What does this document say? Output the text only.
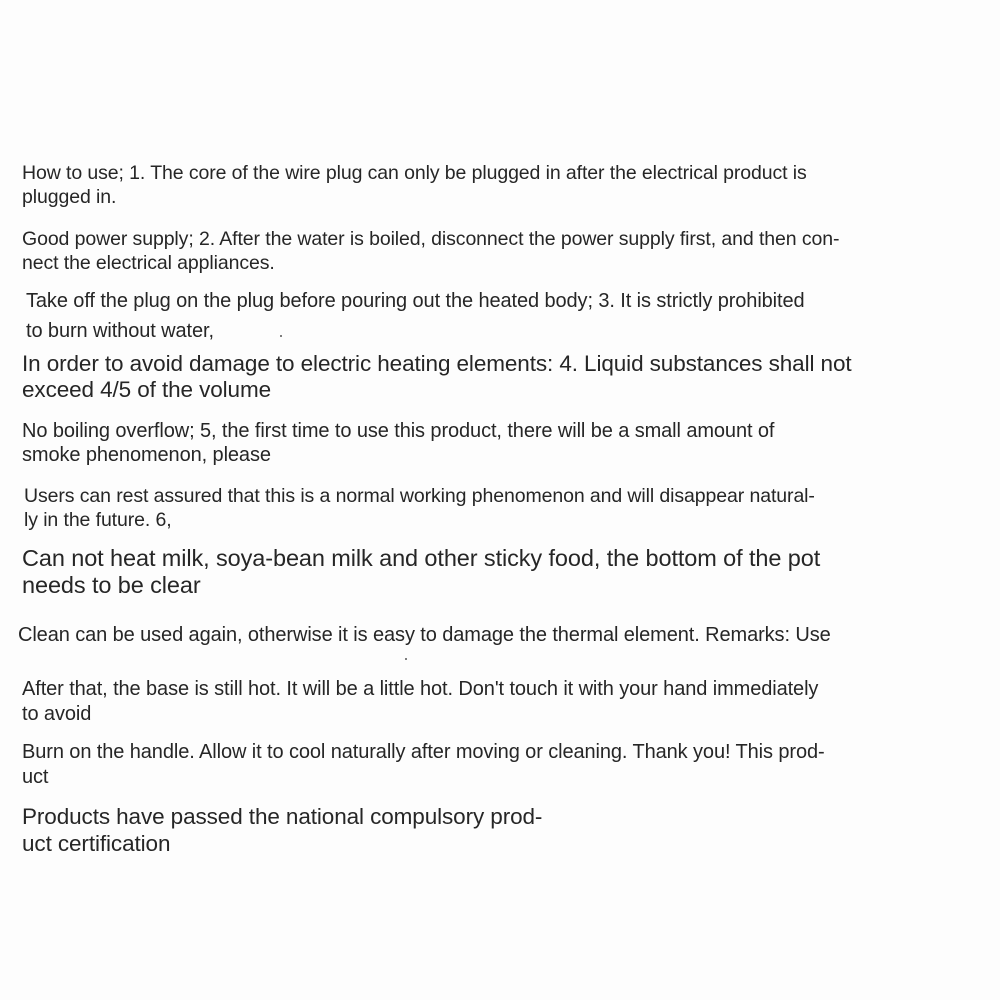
How to use; 1. The core of the wire plug can only be plugged in after the electrical product is
plugged in.

Good power supply; 2. After the water is boiled, disconnect the power supply first, and then con-
nect the electrical appliances.

Take off the plug on the plug before pouring out the heated body; 3. It is strictly prohibited
to burn without water,

In order to avoid damage to electric heating elements: 4. Liquid substances shall not
exceed 4/5 of the volume

No boiling overflow; 5, the first time to use this product, there will be a small amount of
smoke phenomenon, please

Users can rest assured that this is a normal working phenomenon and will disappear natural-
ly in the future. 6,

Can not heat milk, soya-bean milk and other sticky food, the bottom of the pot
needs to be clear

Clean can be used again, otherwise it is easy to damage the thermal element. Remarks: Use

After that, the base is still hot. It will be a little hot. Don't touch it with your hand immediately
to avoid

Burn on the handle. Allow it to cool naturally after moving or cleaning. Thank you! This prod-
uct

Products have passed the national compulsory prod-
uct certification
